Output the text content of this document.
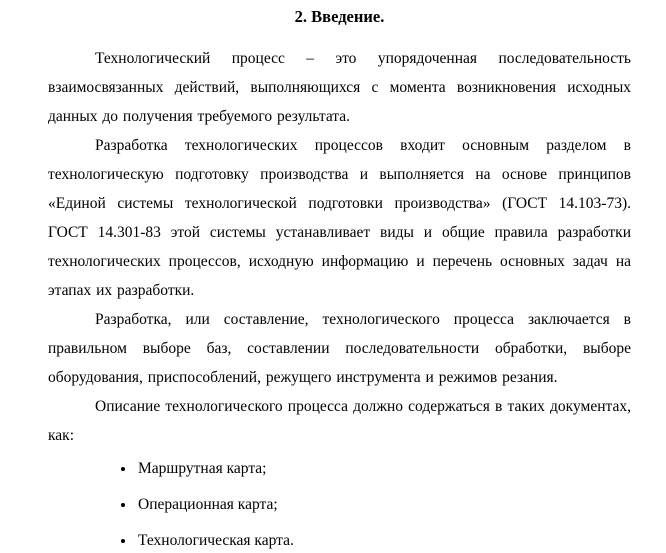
2. Введение.

Технологический процесс – это упорядоченная последовательность взаимосвязанных действий, выполняющихся с момента возникновения исходных данных до получения требуемого результата.

Разработка технологических процессов входит основным разделом в технологическую подготовку производства и выполняется на основе принципов «Единой системы технологической подготовки производства» (ГОСТ 14.103-73). ГОСТ 14.301-83 этой системы устанавливает виды и общие правила разработки технологических процессов, исходную информацию и перечень основных задач на этапах их разработки.

Разработка, или составление, технологического процесса заключается в правильном выборе баз, составлении последовательности обработки, выборе оборудования, приспособлений, режущего инструмента и режимов резания.

Описание технологического процесса должно содержаться в таких документах, как:

• Маршрутная карта;
• Операционная карта;
• Технологическая карта.
